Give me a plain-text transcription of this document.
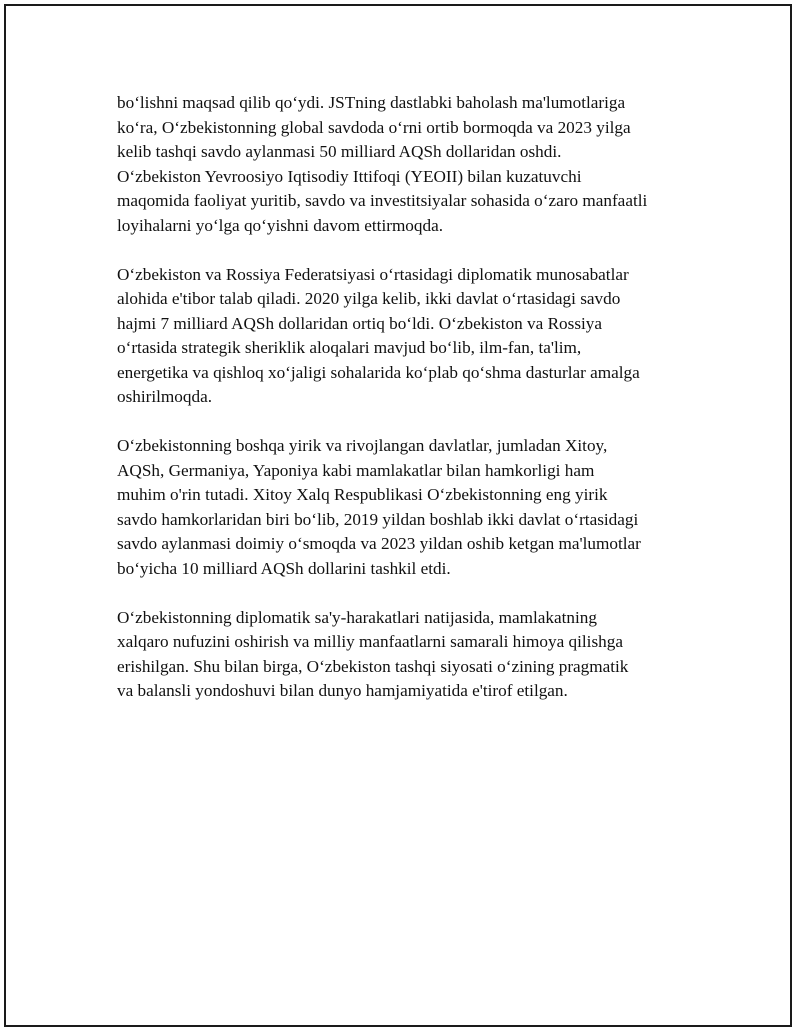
bo‘lishni maqsad qilib qo‘ydi. JSTning dastlabki baholash ma'lumotlariga
ko‘ra, O‘zbekistonning global savdoda o‘rni ortib bormoqda va 2023 yilga
kelib tashqi savdo aylanmasi 50 milliard AQSh dollaridan oshdi.
O‘zbekiston Yevroosiyo Iqtisodiy Ittifoqi (YEOII) bilan kuzatuvchi
maqomida faoliyat yuritib, savdo va investitsiyalar sohasida o‘zaro manfaatli
loyihalarni yo‘lga qo‘yishni davom ettirmoqda.

O‘zbekiston va Rossiya Federatsiyasi o‘rtasidagi diplomatik munosabatlar
alohida e'tibor talab qiladi. 2020 yilga kelib, ikki davlat o‘rtasidagi savdo
hajmi 7 milliard AQSh dollaridan ortiq bo‘ldi. O‘zbekiston va Rossiya
o‘rtasida strategik sheriklik aloqalari mavjud bo‘lib, ilm-fan, ta'lim,
energetika va qishloq xo‘jaligi sohalarida ko‘plab qo‘shma dasturlar amalga
oshirilmoqda.

O‘zbekistonning boshqa yirik va rivojlangan davlatlar, jumladan Xitoy,
AQSh, Germaniya, Yaponiya kabi mamlakatlar bilan hamkorligi ham
muhim o'rin tutadi. Xitoy Xalq Respublikasi O‘zbekistonning eng yirik
savdo hamkorlaridan biri bo‘lib, 2019 yildan boshlab ikki davlat o‘rtasidagi
savdo aylanmasi doimiy o‘smoqda va 2023 yildan oshib ketgan ma'lumotlar
bo‘yicha 10 milliard AQSh dollarini tashkil etdi.

O‘zbekistonning diplomatik sa'y-harakatlari natijasida, mamlakatning
xalqaro nufuzini oshirish va milliy manfaatlarni samarali himoya qilishga
erishilgan. Shu bilan birga, O‘zbekiston tashqi siyosati o‘zining pragmatik
va balansli yondoshuvi bilan dunyo hamjamiyatida e'tirof etilgan.
